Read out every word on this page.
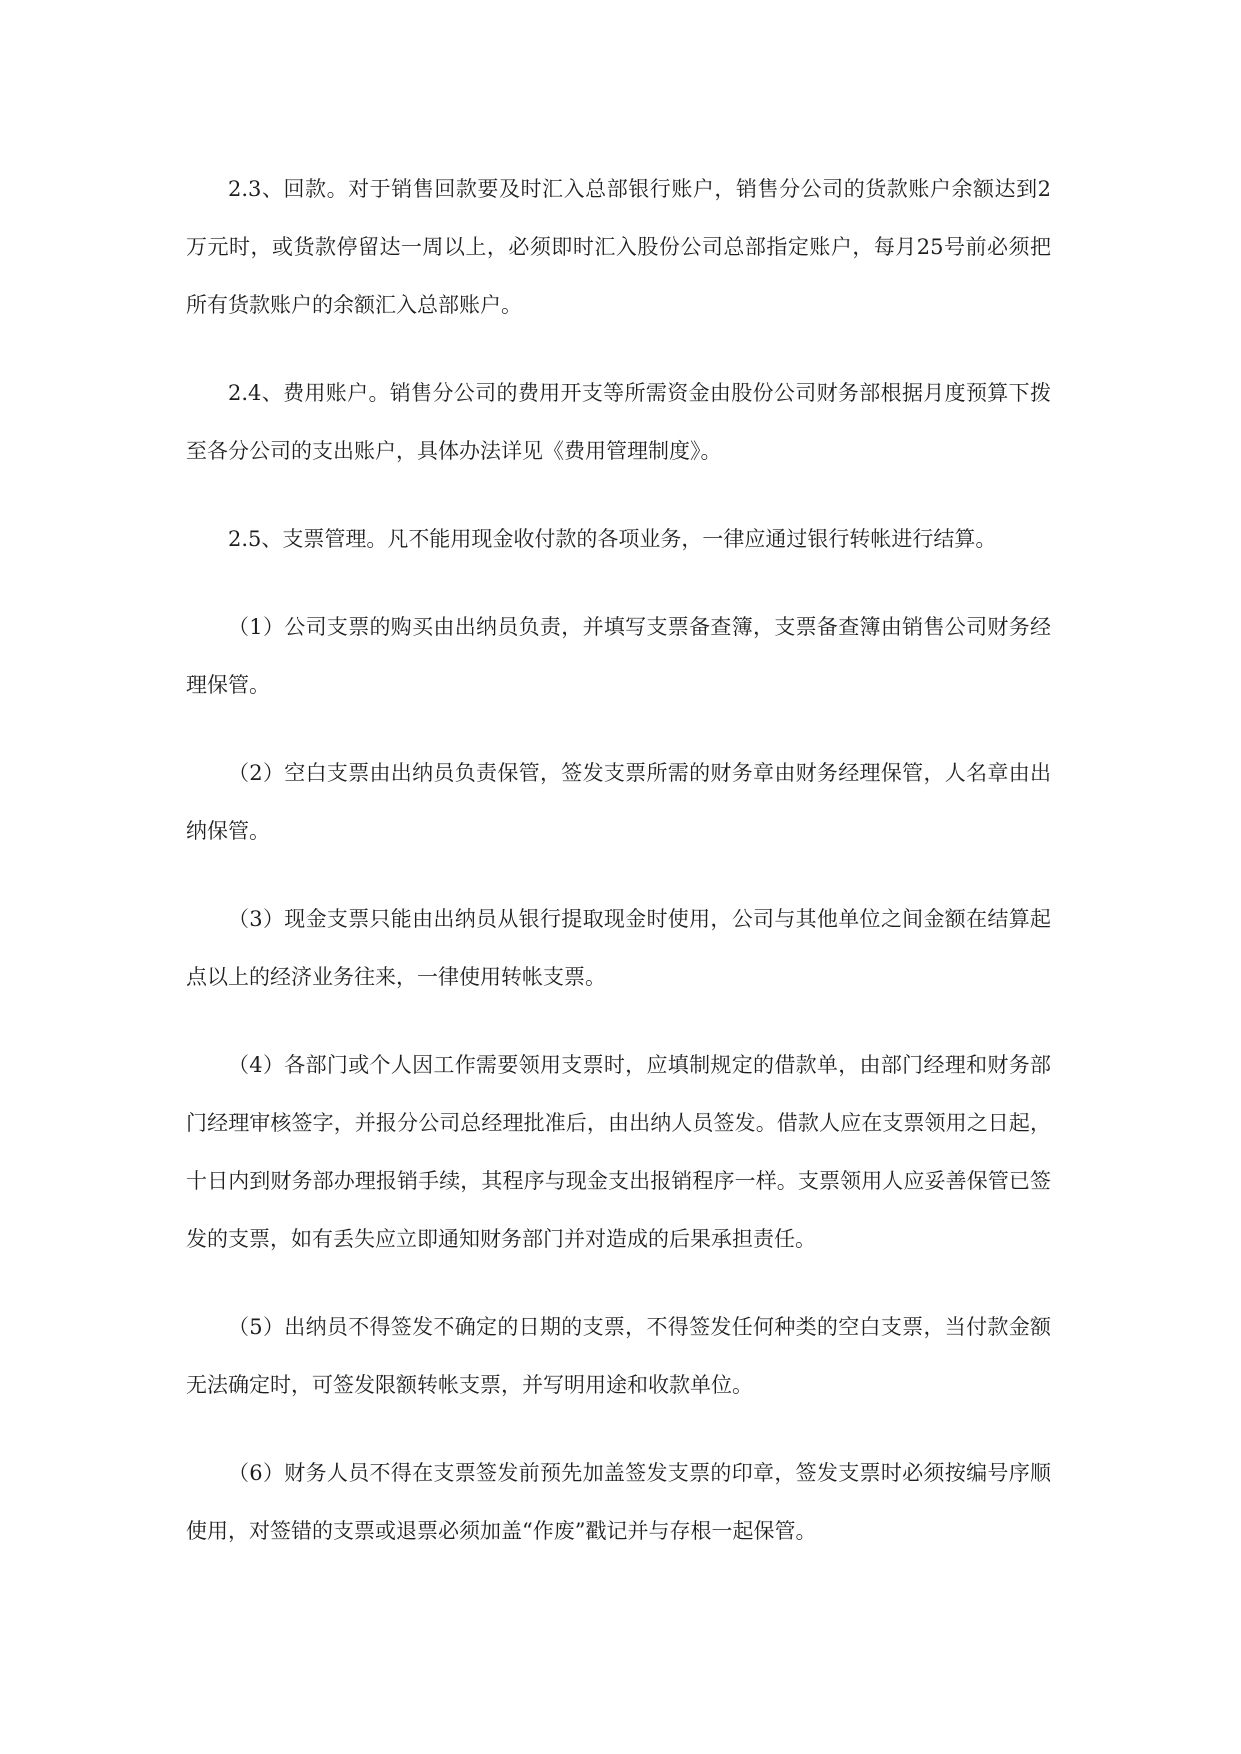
2.3、回款。对于销售回款要及时汇入总部银行账户，销售分公司的货款账户余额达到2万元时，或货款停留达一周以上，必须即时汇入股份公司总部指定账户，每月25号前必须把所有货款账户的余额汇入总部账户。

2.4、费用账户。销售分公司的费用开支等所需资金由股份公司财务部根据月度预算下拨至各分公司的支出账户，具体办法详见《费用管理制度》。

2.5、支票管理。凡不能用现金收付款的各项业务，一律应通过银行转帐进行结算。

（1）公司支票的购买由出纳员负责，并填写支票备查簿，支票备查簿由销售公司财务经理保管。

（2）空白支票由出纳员负责保管，签发支票所需的财务章由财务经理保管，人名章由出纳保管。

（3）现金支票只能由出纳员从银行提取现金时使用，公司与其他单位之间金额在结算起点以上的经济业务往来，一律使用转帐支票。

（4）各部门或个人因工作需要领用支票时，应填制规定的借款单，由部门经理和财务部门经理审核签字，并报分公司总经理批准后，由出纳人员签发。借款人应在支票领用之日起，十日内到财务部办理报销手续，其程序与现金支出报销程序一样。支票领用人应妥善保管已签发的支票，如有丢失应立即通知财务部门并对造成的后果承担责任。

（5）出纳员不得签发不确定的日期的支票，不得签发任何种类的空白支票，当付款金额无法确定时，可签发限额转帐支票，并写明用途和收款单位。

（6）财务人员不得在支票签发前预先加盖签发支票的印章，签发支票时必须按编号序顺使用，对签错的支票或退票必须加盖“作废”戳记并与存根一起保管。
